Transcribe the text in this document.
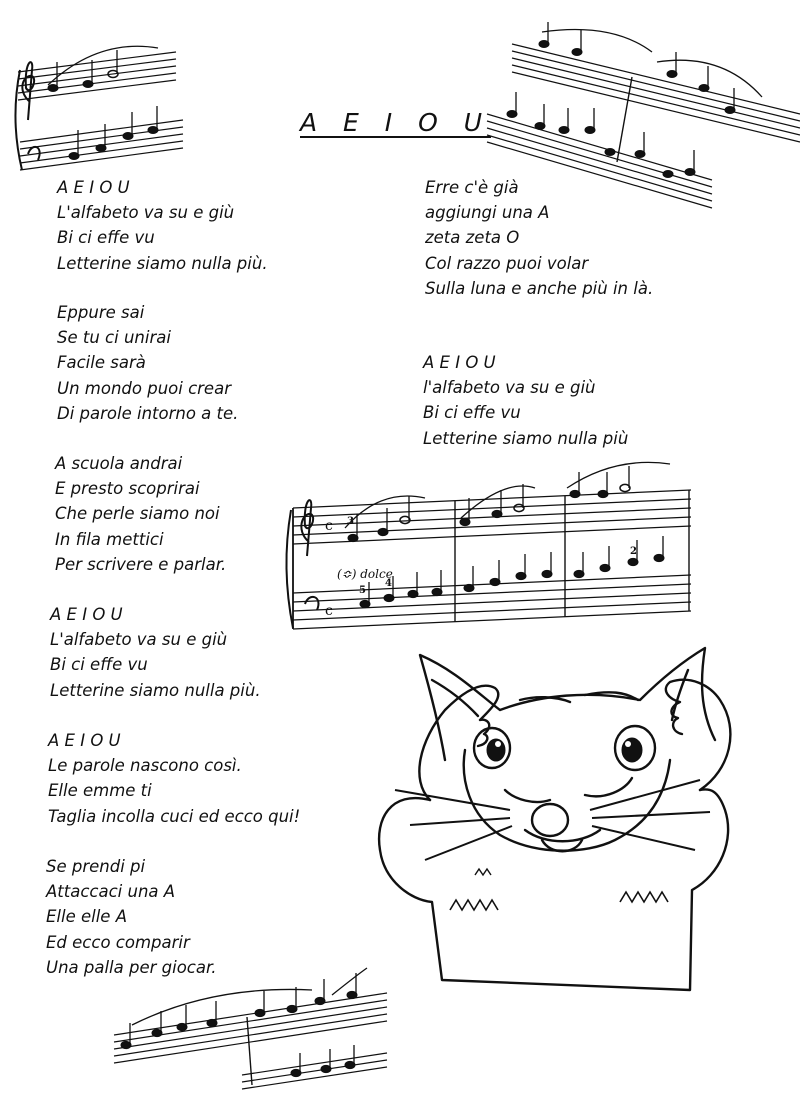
A E I O U
A E I O U
L'alfabeto va su e giù
Bi ci effe vu
Letterine siamo nulla più.
Eppure sai
Se tu ci unirai
Facile sarà
Un mondo puoi crear
Di parole intorno a te.
A scuola andrai
E presto scoprirai
Che perle siamo noi
In fila mettici
Per scrivere e parlar.
A E I O U
L'alfabeto va su e giù
Bi ci effe vu
Letterine siamo nulla più.
A E I O U
Le parole nascono così.
Elle emme ti
Taglia incolla cuci ed ecco qui!
Se prendi pi
Attaccaci una A
Elle elle A
Ed ecco comparir
Una palla per giocar.
Erre c'è già
aggiungi una A
zeta zeta O
Col razzo puoi volar
Sulla luna e anche più in là.
A E I O U
l'alfabeto va su e giù
Bi ci effe vu
Letterine siamo nulla più
c
c
3
5
4
2
(≎) dolce
